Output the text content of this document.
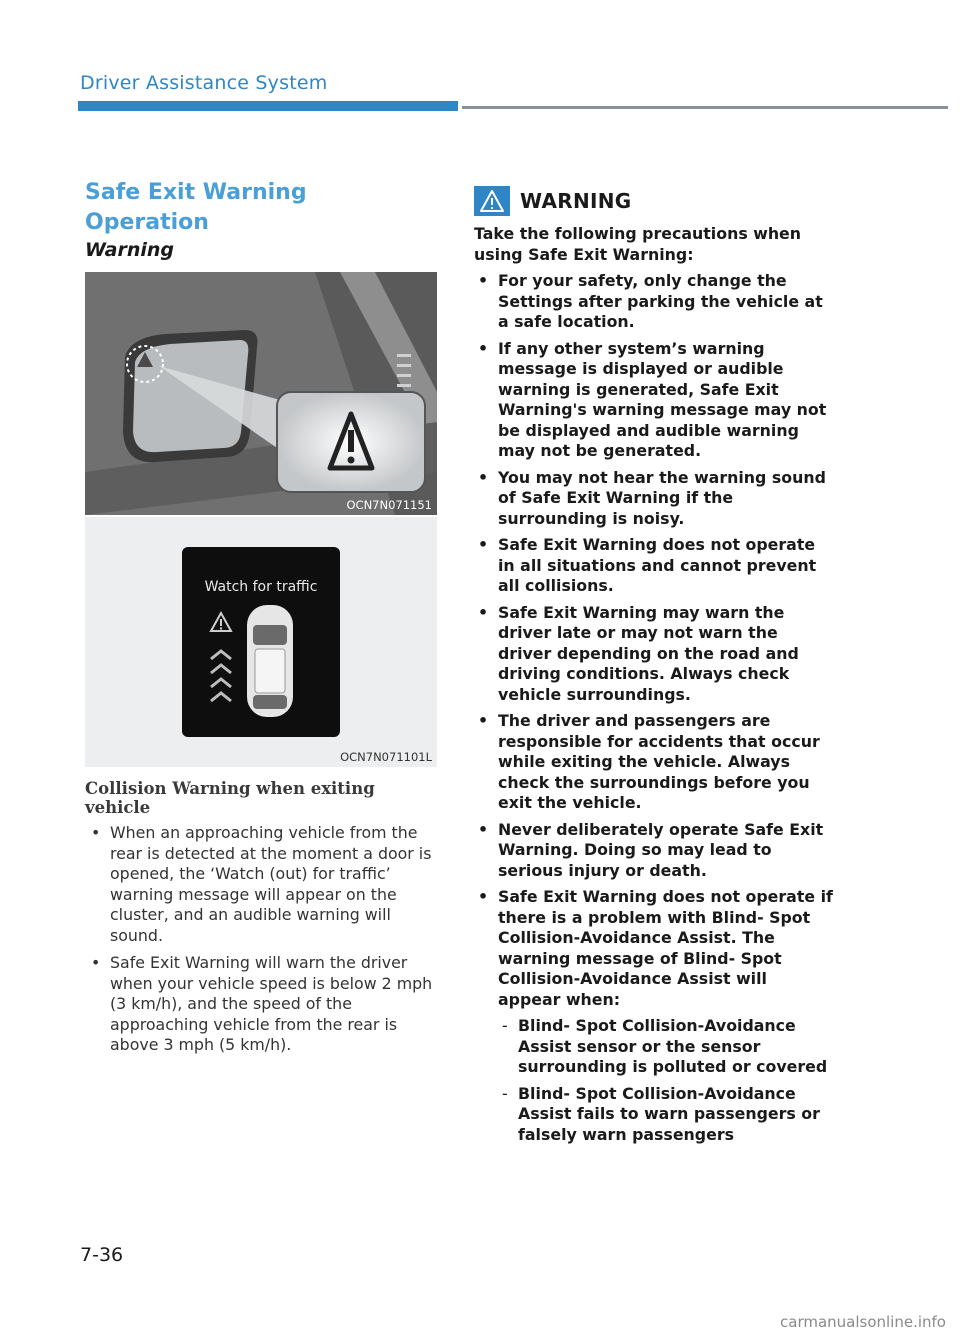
Driver Assistance System
Safe Exit Warning Operation
Warning
OCN7N071151
Watch for traffic
OCN7N071101L
Collision Warning when exiting vehicle
• When an approaching vehicle from the rear is detected at the moment a door is opened, the ‘Watch (out) for traffic’ warning message will appear on the cluster, and an audible warning will sound.
• Safe Exit Warning will warn the driver when your vehicle speed is below 2 mph (3 km/h), and the speed of the approaching vehicle from the rear is above 3 mph (5 km/h).
WARNING
Take the following precautions when using Safe Exit Warning:
• For your safety, only change the Settings after parking the vehicle at a safe location.
• If any other system’s warning message is displayed or audible warning is generated, Safe Exit Warning's warning message may not be displayed and audible warning may not be generated.
• You may not hear the warning sound of Safe Exit Warning if the surrounding is noisy.
• Safe Exit Warning does not operate in all situations and cannot prevent all collisions.
• Safe Exit Warning may warn the driver late or may not warn the driver depending on the road and driving conditions. Always check vehicle surroundings.
• The driver and passengers are responsible for accidents that occur while exiting the vehicle. Always check the surroundings before you exit the vehicle.
• Never deliberately operate Safe Exit Warning. Doing so may lead to serious injury or death.
• Safe Exit Warning does not operate if there is a problem with Blind- Spot Collision-Avoidance Assist. The warning message of Blind- Spot Collision-Avoidance Assist will appear when:
- Blind- Spot Collision-Avoidance Assist sensor or the sensor surrounding is polluted or covered
- Blind- Spot Collision-Avoidance Assist fails to warn passengers or falsely warn passengers
7-36
carmanualsonline.info
